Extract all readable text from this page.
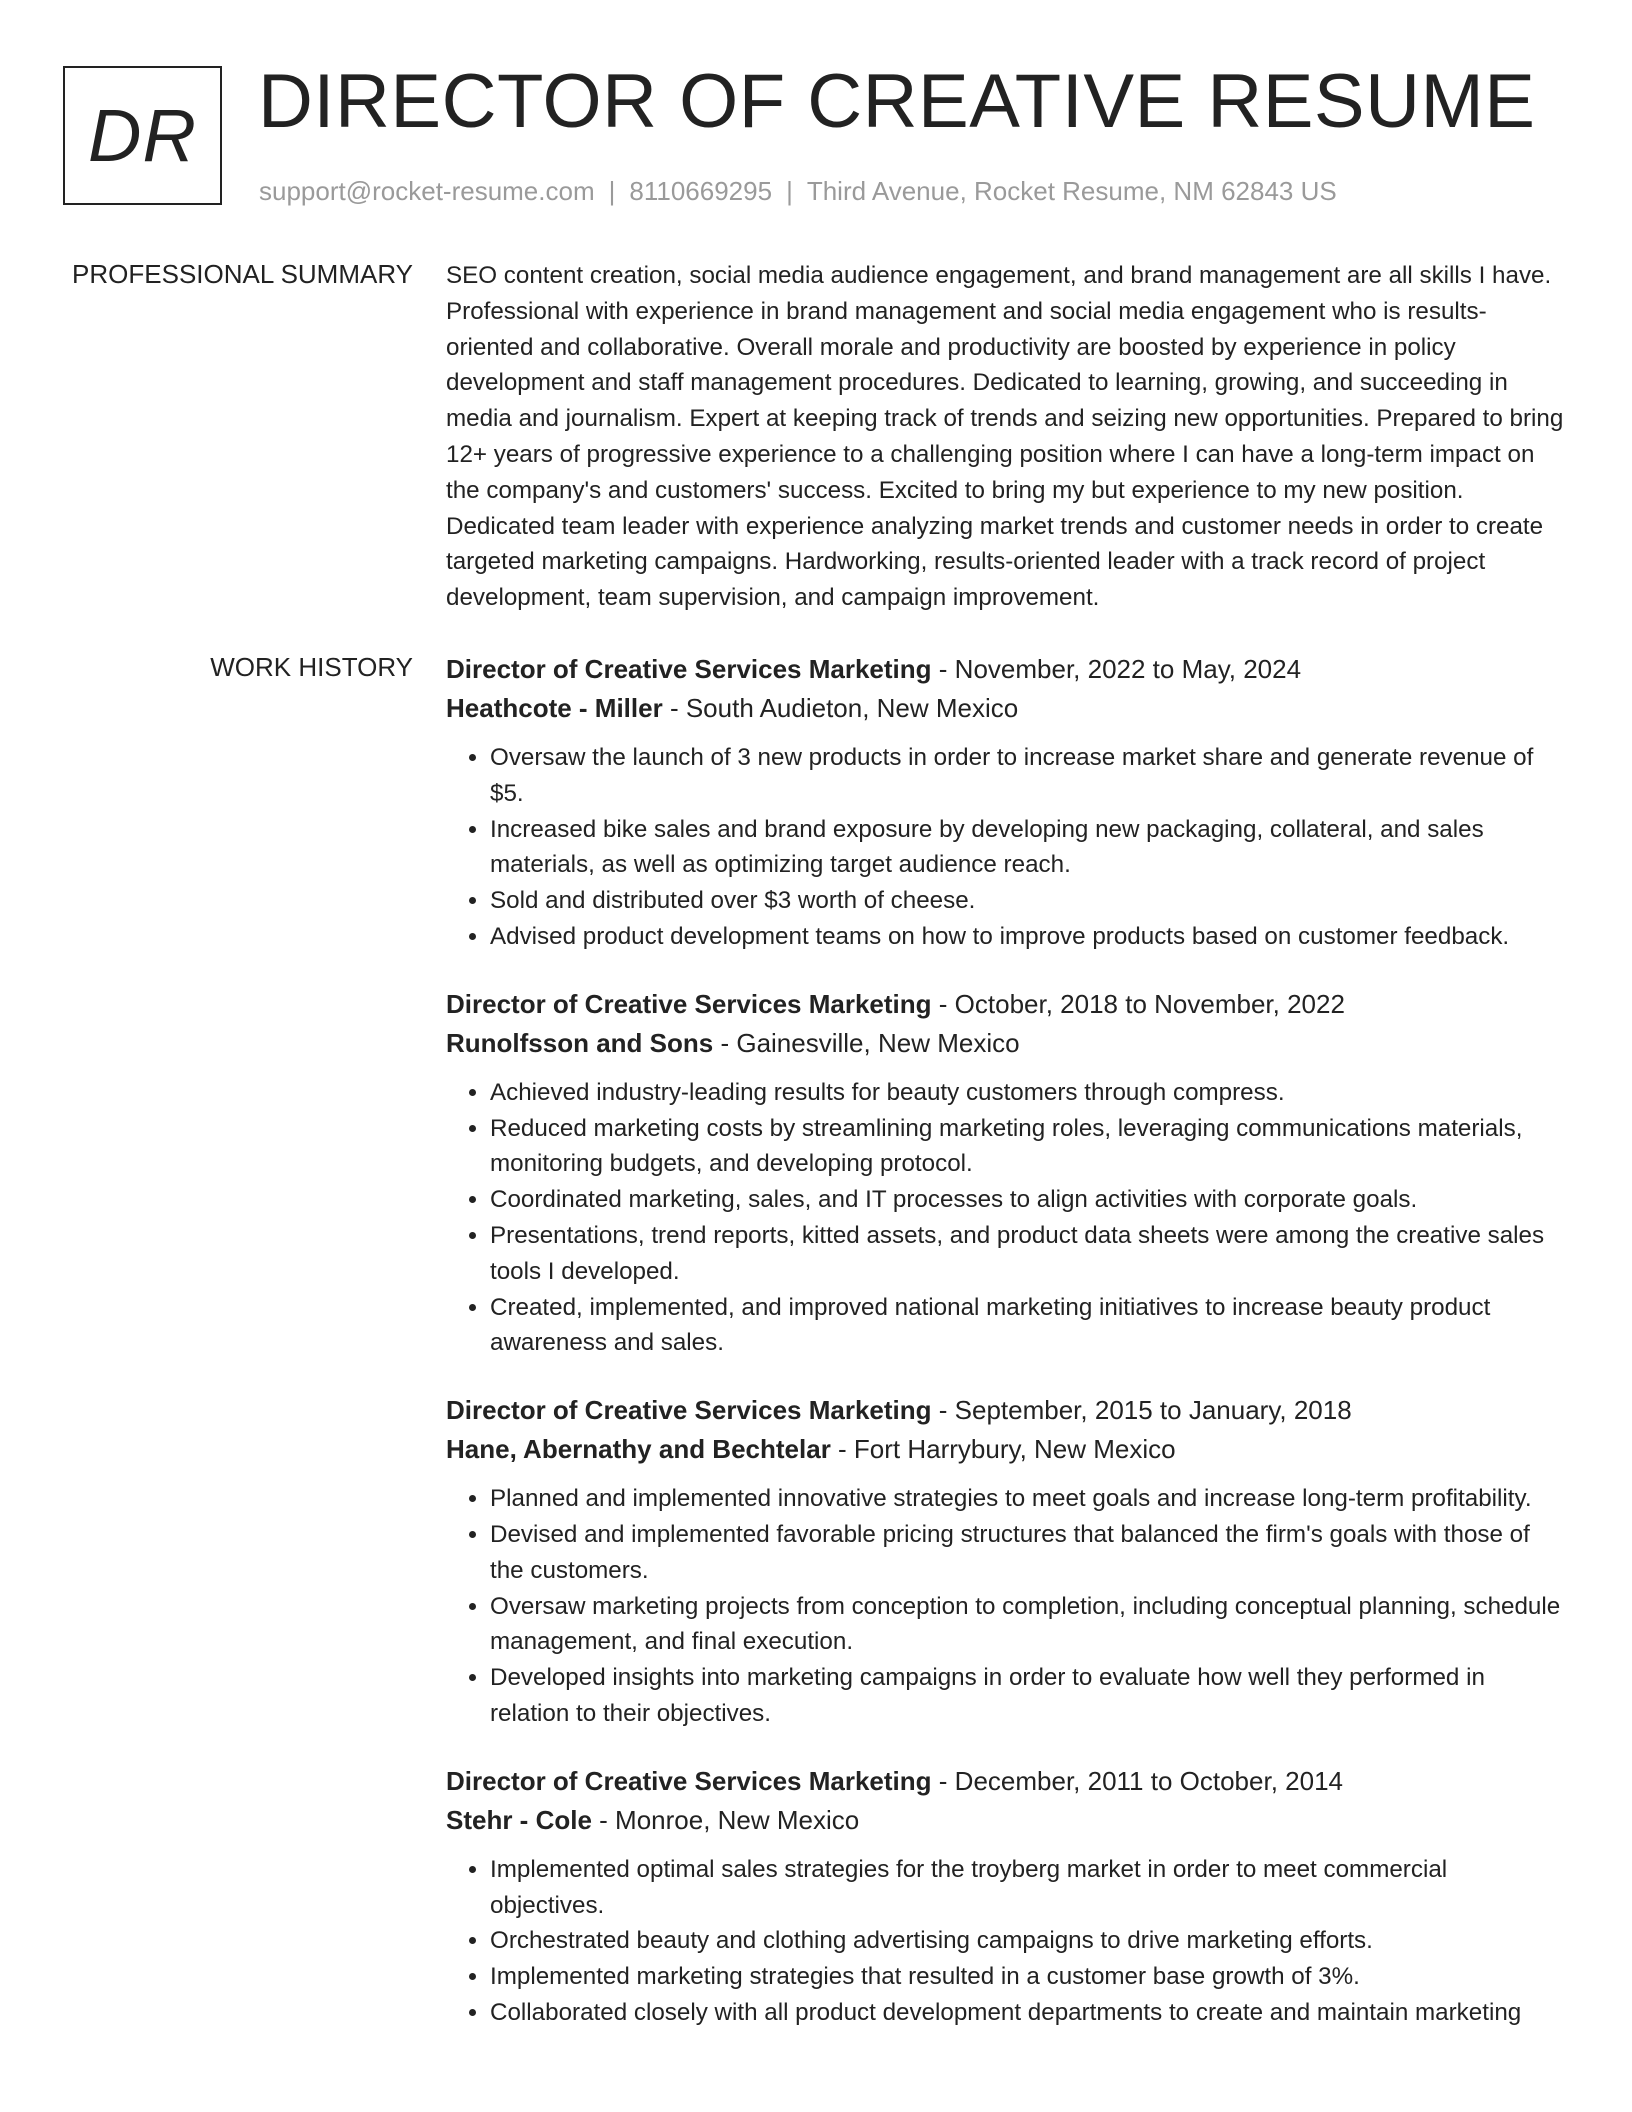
DR DIRECTOR OF CREATIVE RESUME
support@rocket-resume.com | 8110669295 | Third Avenue, Rocket Resume, NM 62843 US
PROFESSIONAL SUMMARY SEO content creation, social media audience engagement, and brand management are all skills I have. Professional with experience in brand management and social media engagement who is results-oriented and collaborative. Overall morale and productivity are boosted by experience in policy development and staff management procedures. Dedicated to learning, growing, and succeeding in media and journalism. Expert at keeping track of trends and seizing new opportunities. Prepared to bring 12+ years of progressive experience to a challenging position where I can have a long-term impact on the company's and customers' success. Excited to bring my but experience to my new position. Dedicated team leader with experience analyzing market trends and customer needs in order to create targeted marketing campaigns. Hardworking, results-oriented leader with a track record of project development, team supervision, and campaign improvement.

WORK HISTORY Director of Creative Services Marketing - November, 2022 to May, 2024
Heathcote - Miller - South Audieton, New Mexico
• Oversaw the launch of 3 new products in order to increase market share and generate revenue of $5.
• Increased bike sales and brand exposure by developing new packaging, collateral, and sales materials, as well as optimizing target audience reach.
• Sold and distributed over $3 worth of cheese.
• Advised product development teams on how to improve products based on customer feedback.
Director of Creative Services Marketing - October, 2018 to November, 2022
Runolfsson and Sons - Gainesville, New Mexico
• Achieved industry-leading results for beauty customers through compress.
• Reduced marketing costs by streamlining marketing roles, leveraging communications materials, monitoring budgets, and developing protocol.
• Coordinated marketing, sales, and IT processes to align activities with corporate goals.
• Presentations, trend reports, kitted assets, and product data sheets were among the creative sales tools I developed.
• Created, implemented, and improved national marketing initiatives to increase beauty product awareness and sales.
Director of Creative Services Marketing - September, 2015 to January, 2018
Hane, Abernathy and Bechtelar - Fort Harrybury, New Mexico
• Planned and implemented innovative strategies to meet goals and increase long-term profitability.
• Devised and implemented favorable pricing structures that balanced the firm's goals with those of the customers.
• Oversaw marketing projects from conception to completion, including conceptual planning, schedule management, and final execution.
• Developed insights into marketing campaigns in order to evaluate how well they performed in relation to their objectives.
Director of Creative Services Marketing - December, 2011 to October, 2014
Stehr - Cole - Monroe, New Mexico
• Implemented optimal sales strategies for the troyberg market in order to meet commercial objectives.
• Orchestrated beauty and clothing advertising campaigns to drive marketing efforts.
• Implemented marketing strategies that resulted in a customer base growth of 3%.
• Collaborated closely with all product development departments to create and maintain marketing
